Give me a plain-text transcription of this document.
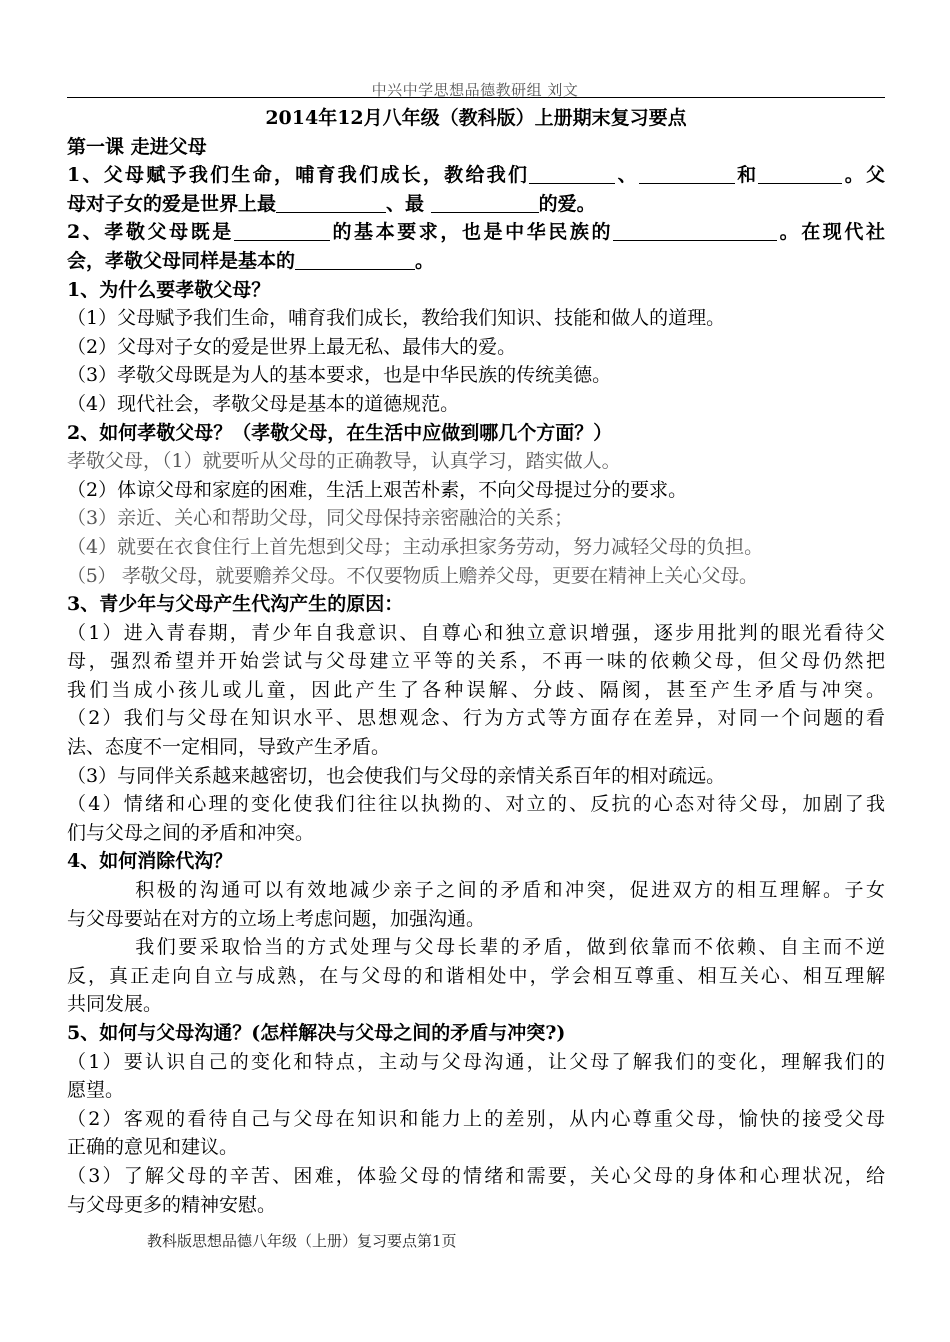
中兴中学思想品德教研组 刘文
2014年12月八年级（教科版）上册期末复习要点
第一课 走进父母
1、父母赋予我们生命，哺育我们成长，教给我们	、	和	。父
母对子女的爱是世界上最	、最	的爱。
2、孝敬父母既是	的基本要求，也是中华民族的	。在现代社
会，孝敬父母同样是基本的	。
1、为什么要孝敬父母？
（1）父母赋予我们生命，哺育我们成长，教给我们知识、技能和做人的道理。
（2）父母对子女的爱是世界上最无私、最伟大的爱。
（3）孝敬父母既是为人的基本要求，也是中华民族的传统美德。
（4）现代社会，孝敬父母是基本的道德规范。
2、如何孝敬父母？（孝敬父母，在生活中应做到哪几个方面？）
孝敬父母，（1）就要听从父母的正确教导，认真学习，踏实做人。
（2）体谅父母和家庭的困难，生活上艰苦朴素，不向父母提过分的要求。
（3）亲近、关心和帮助父母，同父母保持亲密融洽的关系；
（4）就要在衣食住行上首先想到父母；主动承担家务劳动，努力减轻父母的负担。
（5） 孝敬父母，就要赡养父母。不仅要物质上赡养父母，更要在精神上关心父母。
3、青少年与父母产生代沟产生的原因：
（1）进入青春期，青少年自我意识、自尊心和独立意识增强，逐步用批判的眼光看待父
母，强烈希望并开始尝试与父母建立平等的关系，不再一味的依赖父母，但父母仍然把
我们当成小孩儿或儿童，因此产生了各种误解、分歧、隔阂，甚至产生矛盾与冲突。
（2）我们与父母在知识水平、思想观念、行为方式等方面存在差异，对同一个问题的看
法、态度不一定相同，导致产生矛盾。
（3）与同伴关系越来越密切，也会使我们与父母的亲情关系百年的相对疏远。
（4）情绪和心理的变化使我们往往以执拗的、对立的、反抗的心态对待父母，加剧了我
们与父母之间的矛盾和冲突。
4、如何消除代沟？
积极的沟通可以有效地减少亲子之间的矛盾和冲突，促进双方的相互理解。子女
与父母要站在对方的立场上考虑问题，加强沟通。
我们要采取恰当的方式处理与父母长辈的矛盾，做到依靠而不依赖、自主而不逆
反，真正走向自立与成熟，在与父母的和谐相处中，学会相互尊重、相互关心、相互理解
共同发展。
5、如何与父母沟通？(怎样解决与父母之间的矛盾与冲突?)
（1）要认识自己的变化和特点，主动与父母沟通，让父母了解我们的变化，理解我们的
愿望。
（2）客观的看待自己与父母在知识和能力上的差别，从内心尊重父母，愉快的接受父母
正确的意见和建议。
（3）了解父母的辛苦、困难，体验父母的情绪和需要，关心父母的身体和心理状况，给
与父母更多的精神安慰。
教科版思想品德八年级（上册）复习要点第1页
